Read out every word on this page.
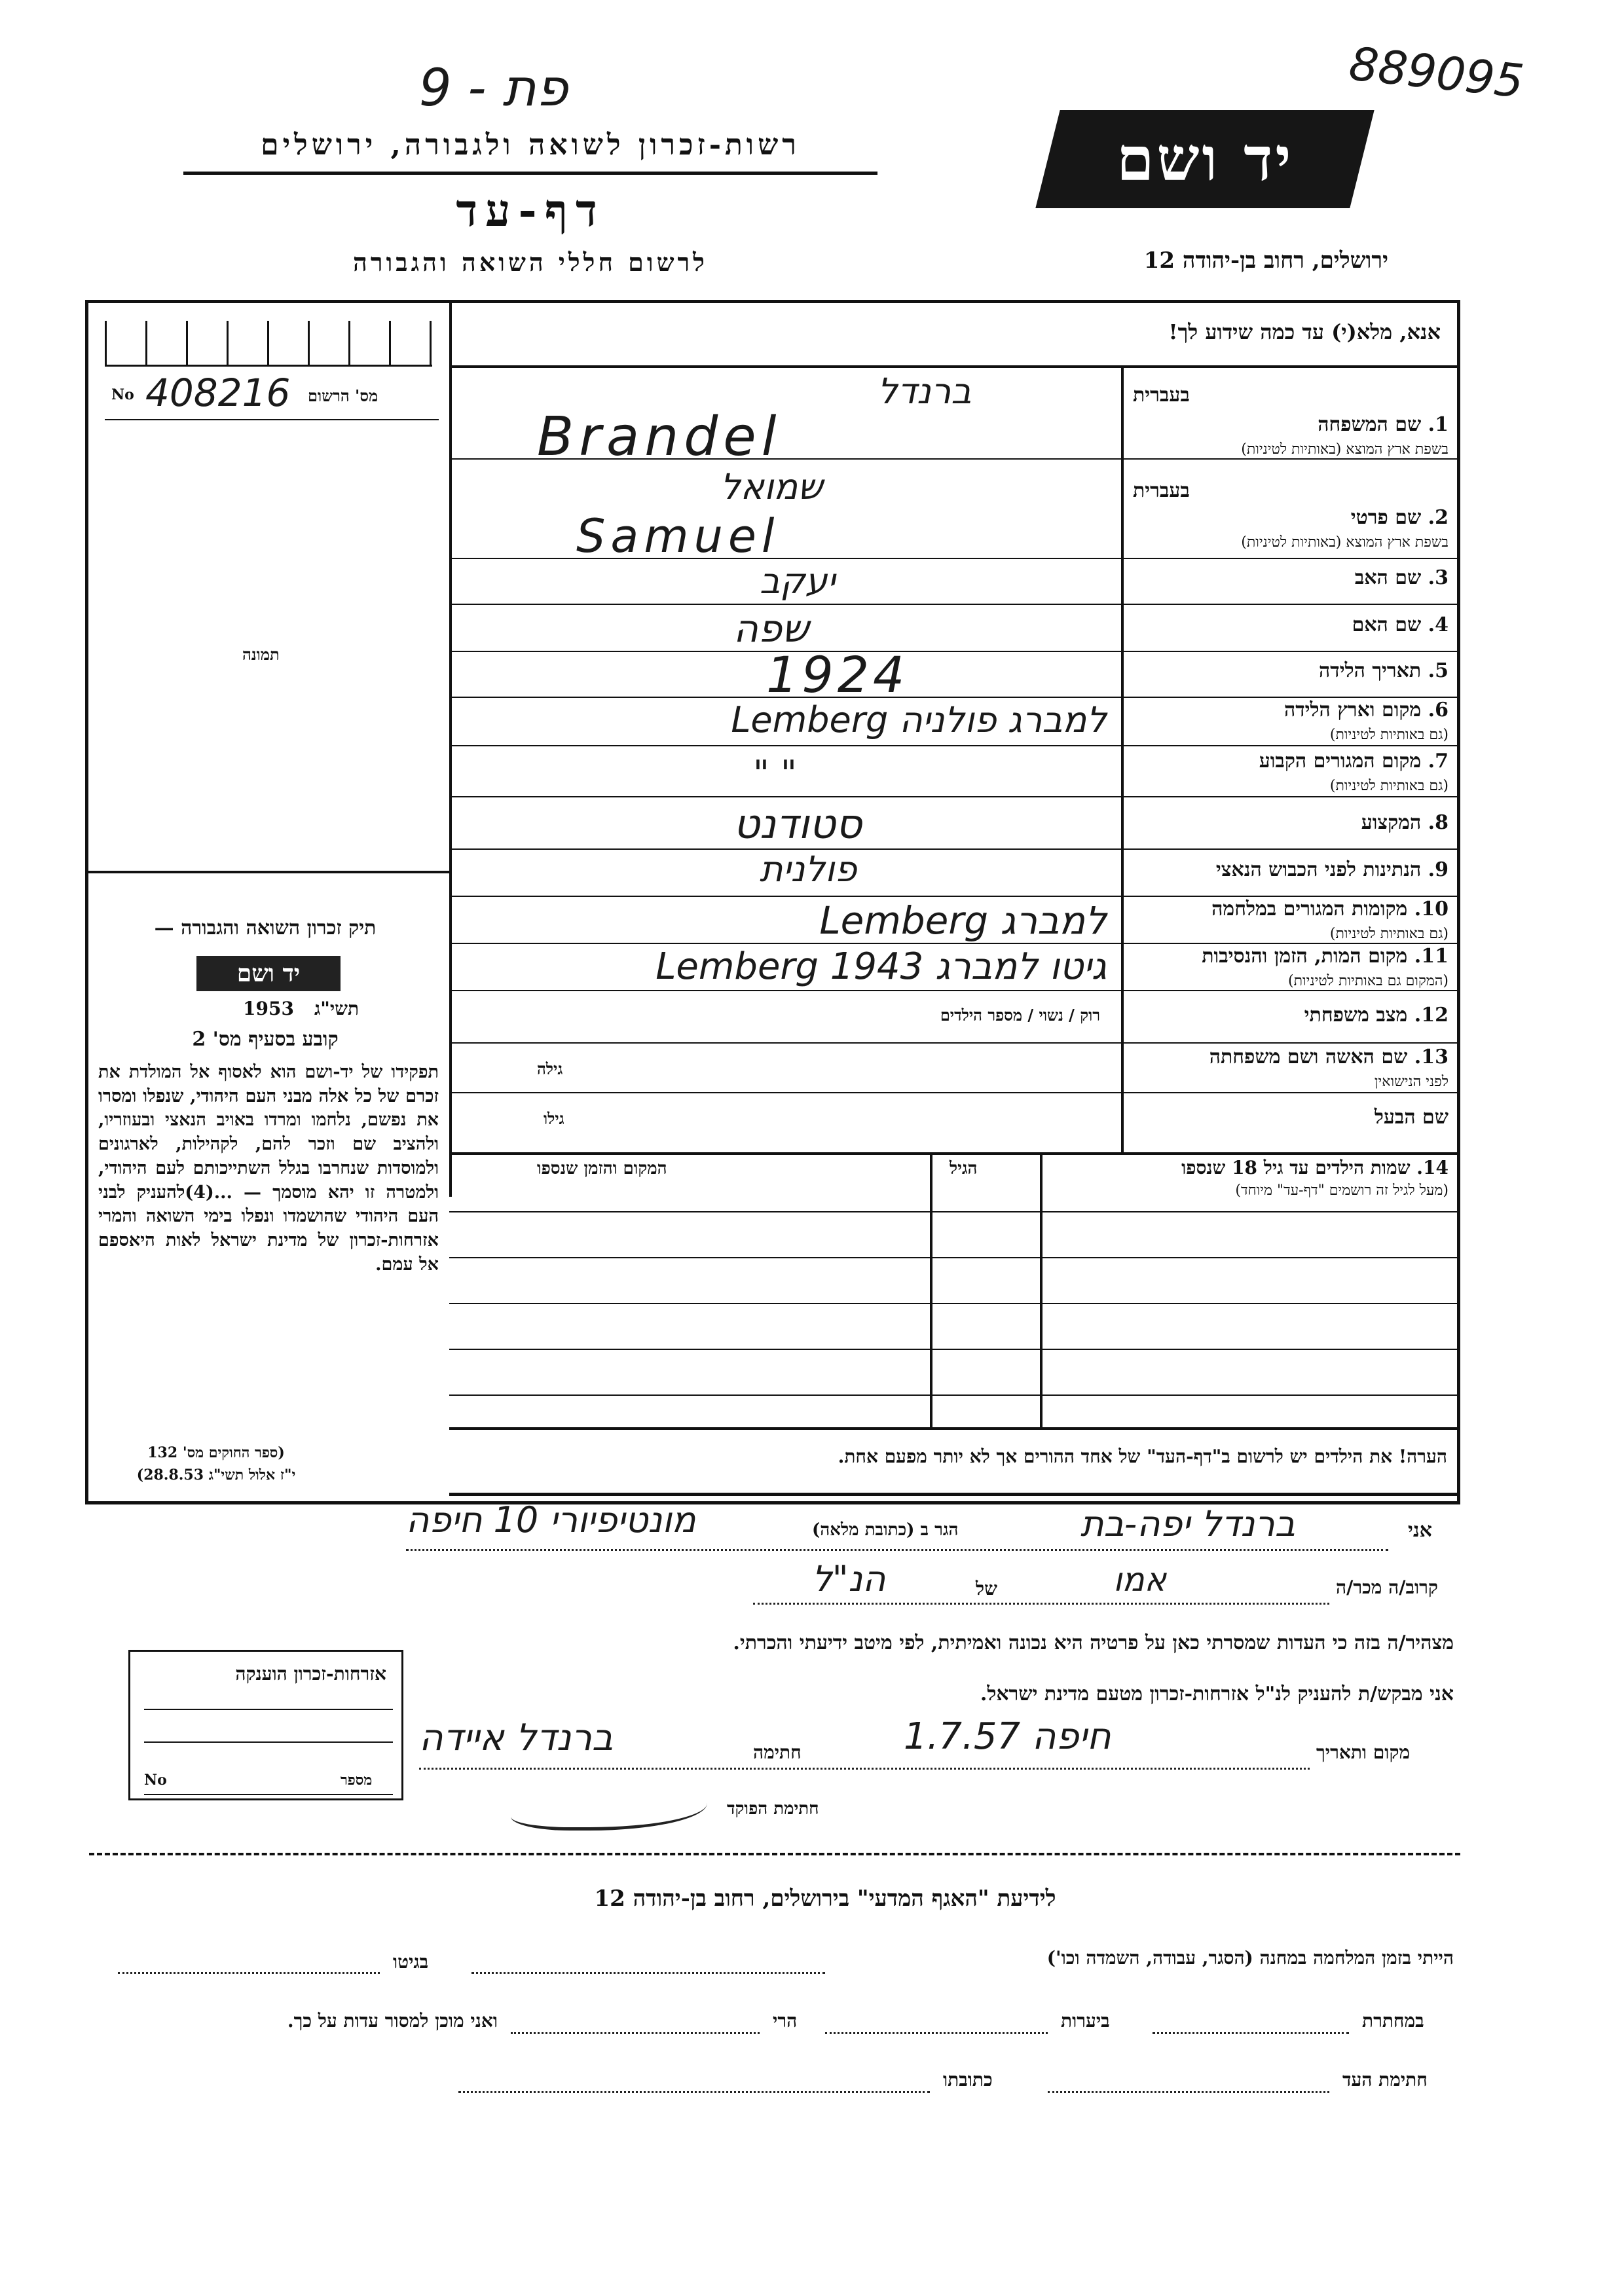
פת - 9	889095
רשות-זכרון לשואה ולגבורה, ירושלים
דף-עד
לרשום חללי השואה והגבורה
יד ושם
ירושלים, רחוב בן-יהודה 12
אנא, מלא(י) עד כמה שידוע לך!
No 408216 מס' הרשום
תמונה
בעברית
1. שם המשפחה
בשפת ארץ המוצא (באותיות לטיניות)
ברנדל
Brandel
בעברית
2. שם פרטי
בשפת ארץ המוצא (באותיות לטיניות)
שמואל
Samuel
3. שם האב
יעקב
4. שם האם
שפה
5. תאריך הלידה
1924
6. מקום וארץ הלידה
(גם באותיות לטיניות)
למברג פולניה Lemberg
7. מקום המגורים הקבוע
(גם באותיות לטיניות)
" "
8. המקצוע
סטודנט
9. הנתינות לפני הכבוש הנאצי
פולנית
10. מקומות המגורים במלחמה
(גם באותיות לטיניות)
למברג Lemberg
11. מקום המות, הזמן והנסיבות
(המקום גם באותיות לטיניות)
גיטו למברג 1943 Lemberg
12. מצב משפחתי
רוק / נשוי / מספר הילדים
13. שם האשה ושם משפחתה
לפני הנישואין
גילה
שם הבעל
גילו
14. שמות הילדים עד גיל 18 שנספו
(מעל לגיל זה רושמים "דף-עד" מיוחד)
הגיל
המקום והזמן שנספו
הערה! את הילדים יש לרשום ב"דף-העד" של אחד ההורים אך לא יותר מפעם אחת.
תיק זכרון השואה והגבורה —
יד ושם
1953	תשי"ג
קובע בסעיף מס' 2
תפקידו של יד-ושם הוא לאסוף אל המולדת את זכרם של כל אלה מבני העם היהודי, שנפלו ומסרו את נפשם, נלחמו ומרדו באויב הנאצי ובעוזריו, ולהציב שם וזכר להם, לקהילות, לארגונים ולמוסדות שנחרבו בגלל השתייכותם לעם היהודי, ולמטרה זו יהא מוסמך — ...(4)להעניק לבני העם היהודי שהושמדו ונפלו בימי השואה והמרי אזרחות-זכרון של מדינת ישראל לאות היאספם אל עמם.
(ספר החוקים מס' 132
י"ז אלול תשי"ג 28.8.53)
אני
ברנדל יפה-בת
הגר ב (כתובת מלאה)
מונטיפיורי 10 חיפה
קרוב/ה מכר/ה
אמו
של
הנ"ל
מצהיר/ה בזה כי העדות שמסרתי כאן על פרטיה היא נכונה ואמיתית, לפי מיטב ידיעתי והכרתי.
אני מבקש/ת להעניק לנ"ל אזרחות-זכרון מטעם מדינת ישראל.
מקום ותאריך
חיפה 1.7.57
חתימה
ברנדל איידה
חתימת הפוקד
אזרחות-זכרון הוענקה
No	מספר
לידיעת "האגף המדעי" בירושלים, רחוב בן-יהודה 12
הייתי בזמן המלחמה במחנה (הסגר, עבודה, השמדה וכו')
בגיטו
במחתרת
ביערות
הרי
ואני מוכן למסור עדות על כך.
חתימת העד
כתובתו
